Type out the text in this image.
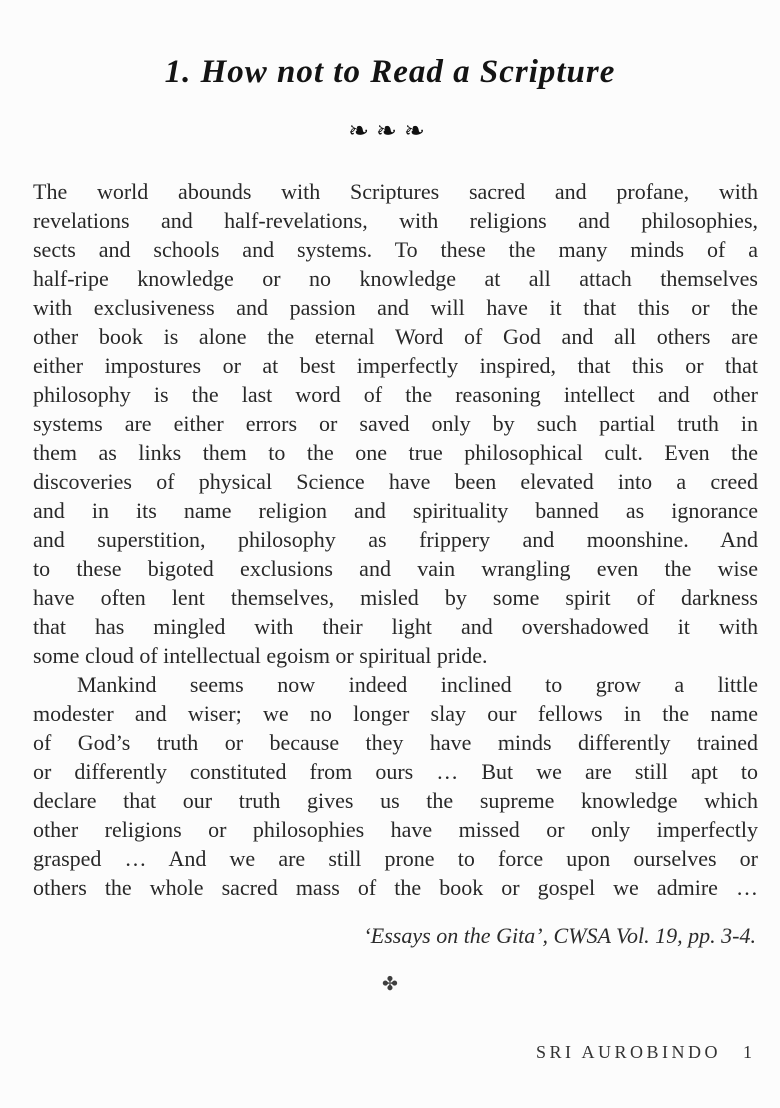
1. How not to Read a Scripture
❧❧❧
The world abounds with Scriptures sacred and profane, with
revelations and half-revelations, with religions and philosophies,
sects and schools and systems. To these the many minds of a
half-ripe knowledge or no knowledge at all attach themselves
with exclusiveness and passion and will have it that this or the
other book is alone the eternal Word of God and all others are
either impostures or at best imperfectly inspired, that this or that
philosophy is the last word of the reasoning intellect and other
systems are either errors or saved only by such partial truth in
them as links them to the one true philosophical cult. Even the
discoveries of physical Science have been elevated into a creed
and in its name religion and spirituality banned as ignorance
and superstition, philosophy as frippery and moonshine. And
to these bigoted exclusions and vain wrangling even the wise
have often lent themselves, misled by some spirit of darkness
that has mingled with their light and overshadowed it with
some cloud of intellectual egoism or spiritual pride.
Mankind seems now indeed inclined to grow a little
modester and wiser; we no longer slay our fellows in the name
of God’s truth or because they have minds differently trained
or differently constituted from ours … But we are still apt to
declare that our truth gives us the supreme knowledge which
other religions or philosophies have missed or only imperfectly
grasped … And we are still prone to force upon ourselves or
others the whole sacred mass of the book or gospel we admire …
‘Essays on the Gita’, CWSA Vol. 19, pp. 3-4.
✤
SRI AUROBINDO 1
